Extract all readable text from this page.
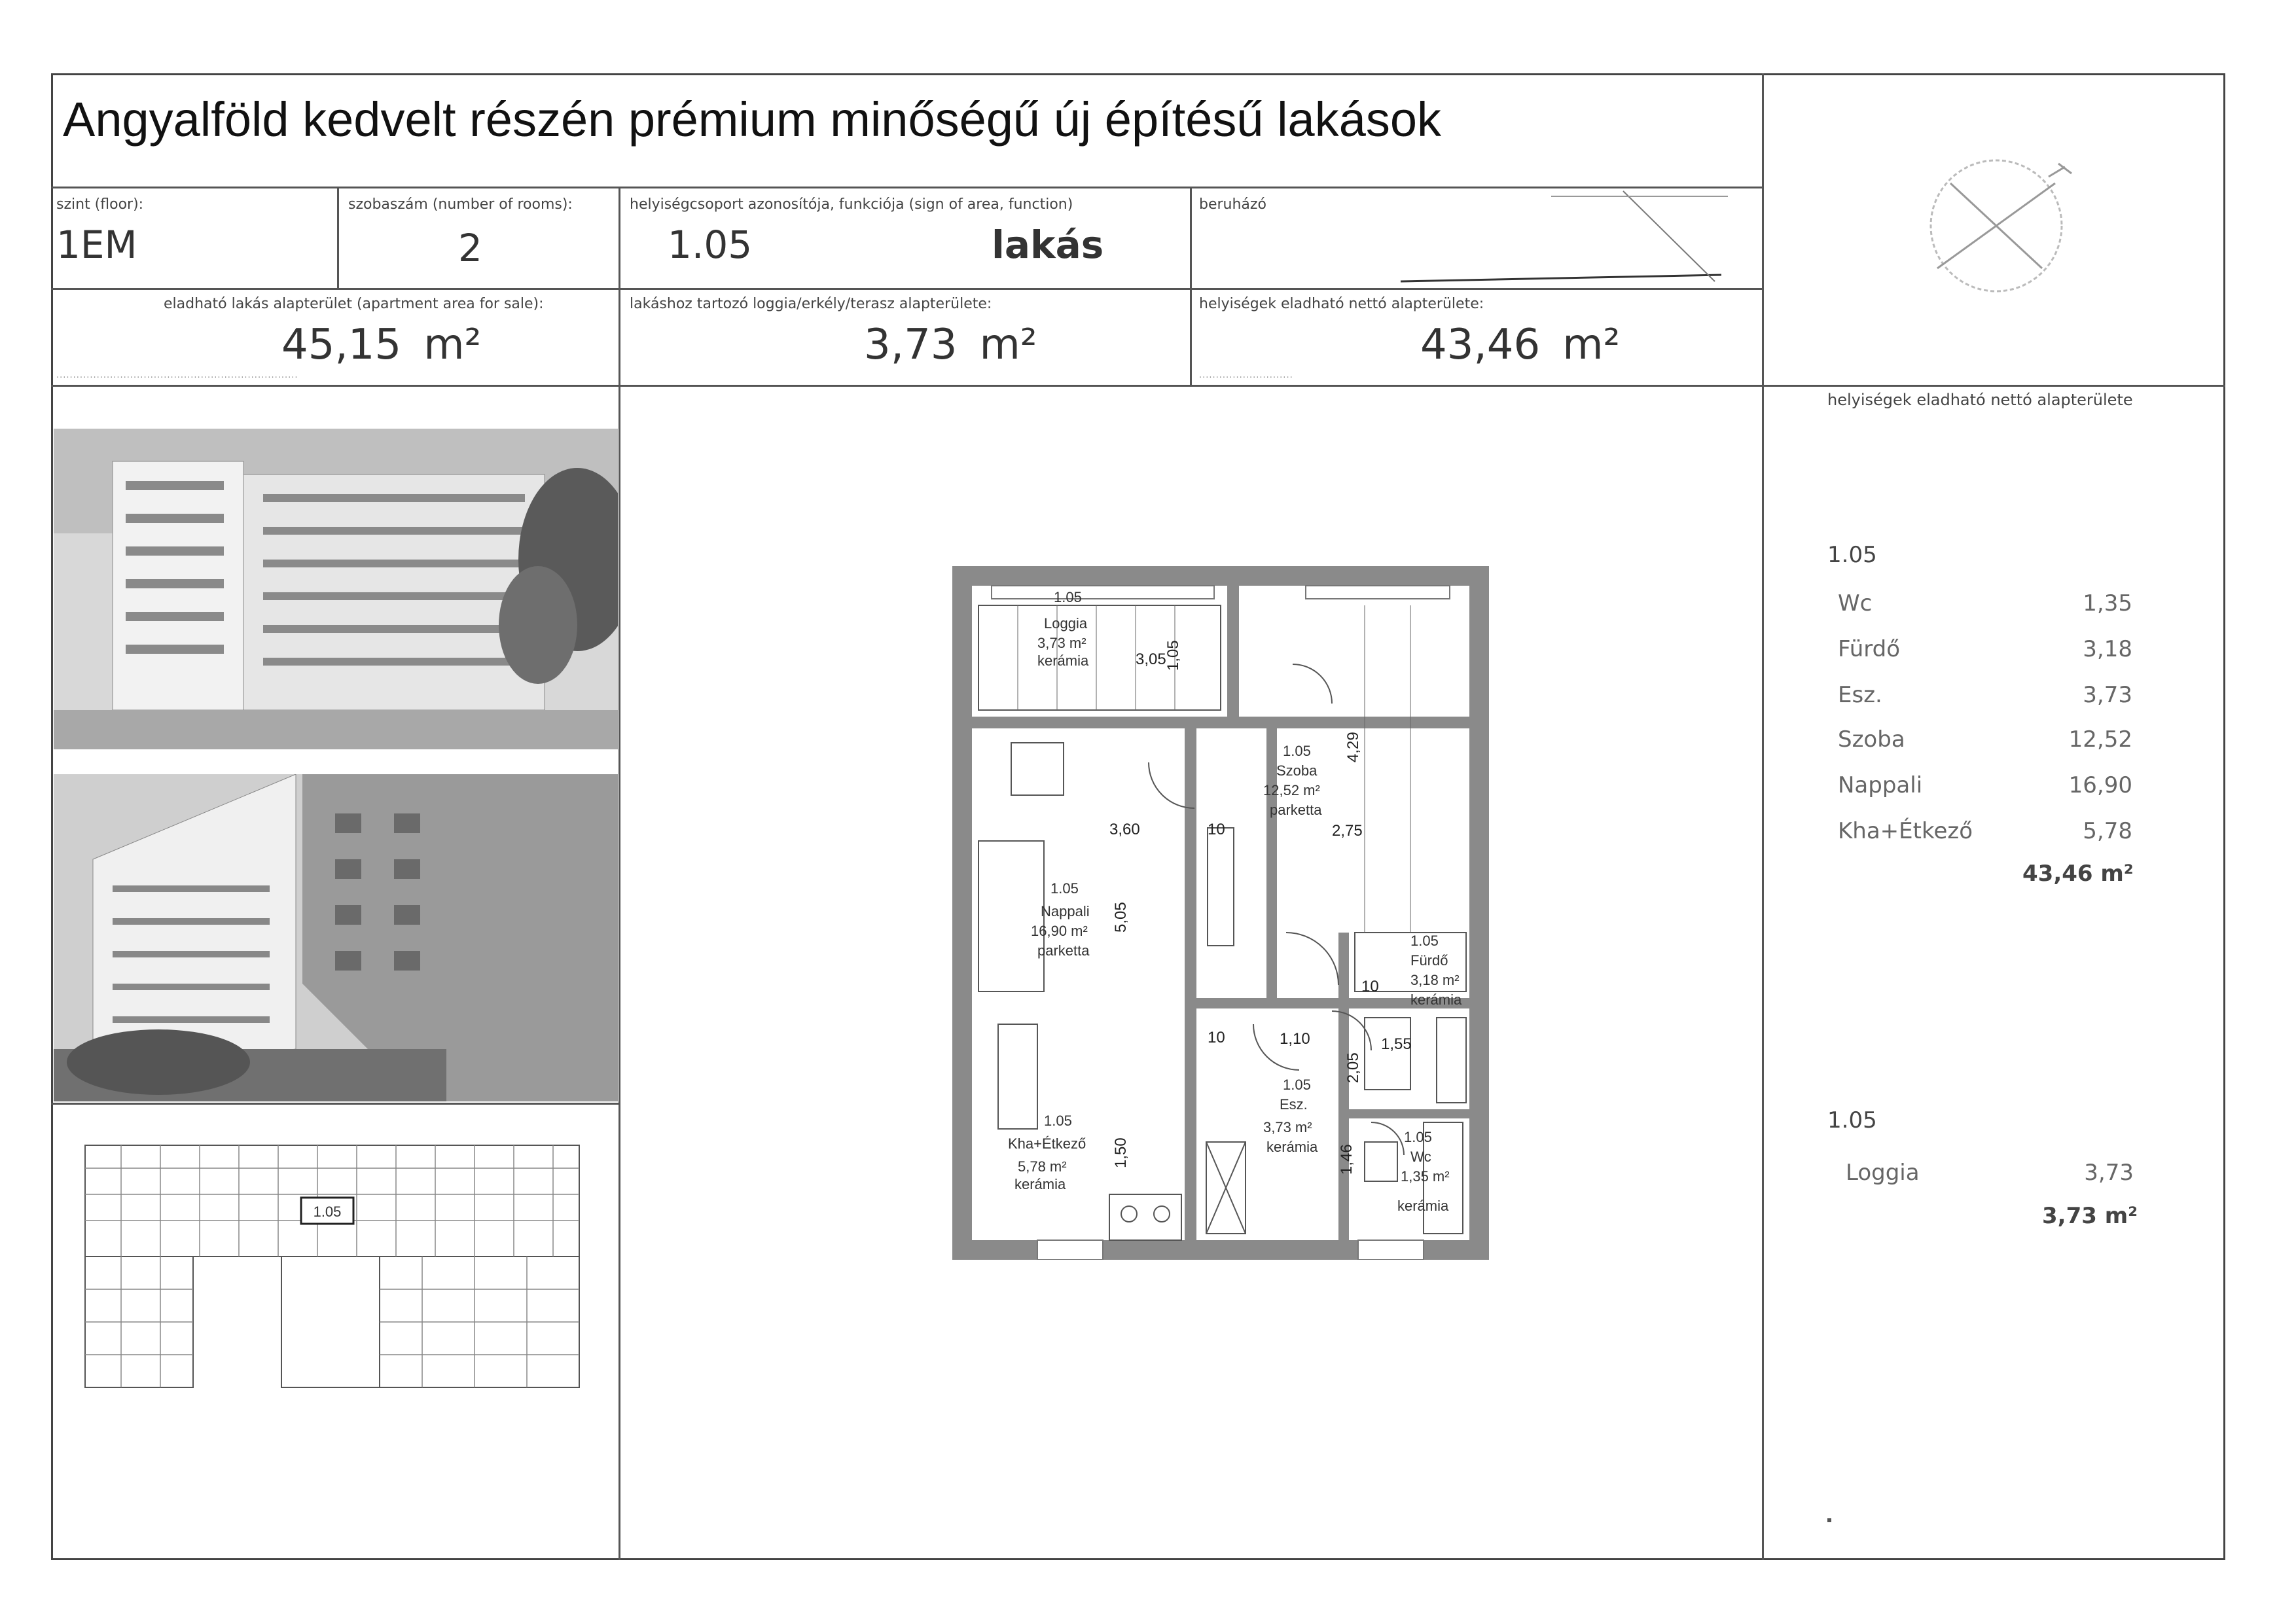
Angyalföld kedvelt részén prémium minőségű új építésű lakások
szint (floor):
1EM
szobaszám (number of rooms):
2
helyiségcsoport azonosítója, funkciója (sign of area, function)
1.05	lakás
beruházó
eladható lakás alapterület (apartment area for sale):
45,15 m²
········································································
lakáshoz tartozó loggia/erkély/terasz alapterülete:
3,73 m²
helyiségek eladható nettó alapterülete:
43,46 m²
····························
1.05
3,05
1,05
4,29
3,60	10	2,75
5,05
10
2,05
1,10	1,55
10
1,46
1,50
1.05
Loggia
3,73 m²
kerámia
1.05
Szoba
12,52 m²
parketta
1.05
Nappali
16,90 m²
parketta
1.05
Fürdő
3,18 m²
kerámia
1.05
Esz.
3,73 m²
kerámia
1.05
Wc
1,35 m²
kerámia
1.05
Kha+Étkező
5,78 m²
kerámia
helyiségek eladható nettó alapterülete
1.05
Wc	1,35
Fürdő	3,18
Esz.	3,73
Szoba	12,52
Nappali	16,90
Kha+Étkező	5,78
43,46 m²
1.05
Loggia	3,73
3,73 m²
